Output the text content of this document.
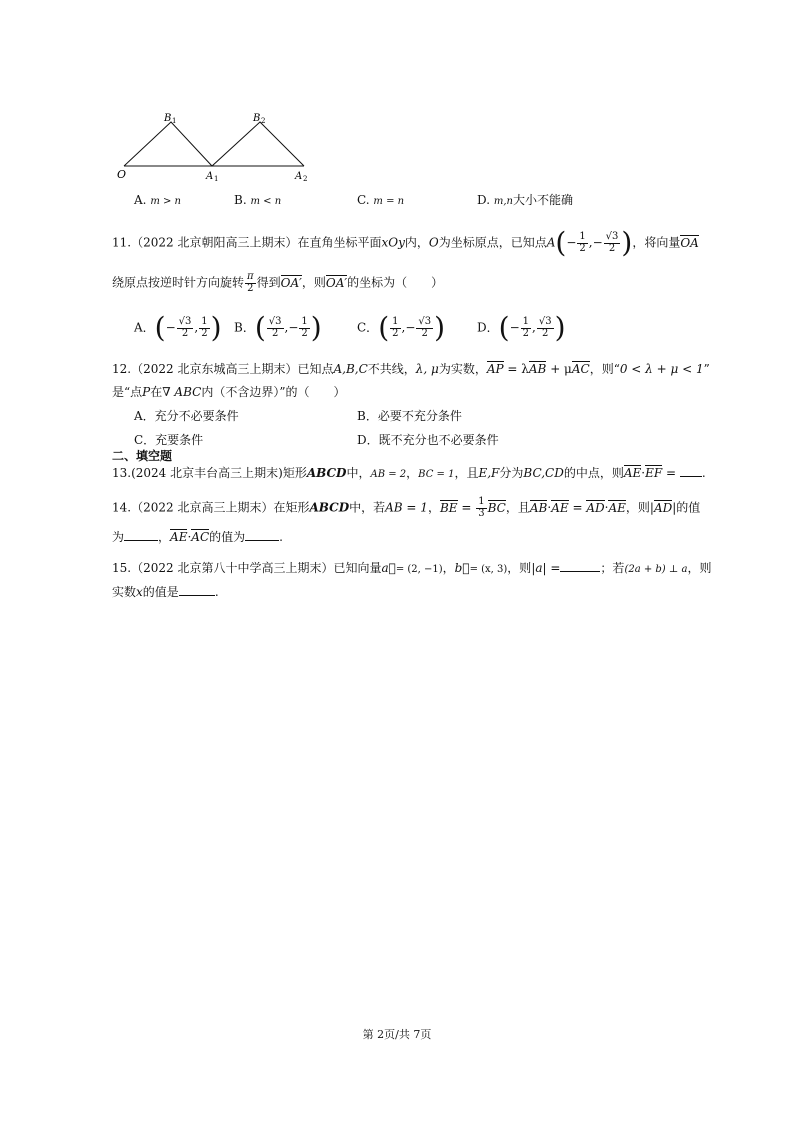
O	A 1	A 2
B 1	B 2
A. m > n	B. m < n	C. m = n	D. m,n大小不能确
11.（2022 北京朝阳高三上期末）在直角坐标平面xOy内，O为坐标原点，已知点$A(- \frac{1}{2}$ ,− $\frac{√3}{2}$ )，将向量OA
绕原点按逆时针方向旋转 $\frac{\pi}{2}$ 得到OA′，则OA′的坐标为（　　）
A．(− $\frac{√3}{2}$ , $\frac{1}{2}$ ) B．( $\frac{√3}{2}$ ,− $\frac{1}{2}$ )	C．( $\frac{1}{2}$ ,− $\frac{√3}{2}$ )	D．(− $\frac{1}{2}$ , $\frac{√3}{2}$ )
12.（2022 北京东城高三上期末）已知点A,B,C不共线，λ, μ为实数，AP = λAB + μAC，则“0 < λ + μ < 1”
是“点P在∇ ABC内（不含边界）”的（　　）
A．充分不必要条件	B．必要不充分条件
C．充要条件	D．既不充分也不必要条件
二、填空题
13.(2024 北京丰台高三上期末)矩形ABCD中，AB = 2，BC = 1，且E,F分为BC,CD的中点，则AE·EF = .
14.（2022 北京高三上期末）在矩形ABCD中，若AB = 1，BE = $\frac{1}{3}$ BC，且AB·AE = AD·AE，则|AD|的值
为	，AE·AC的值为	.
15.（2022 北京第八十中学高三上期末）已知向量a⃗= (2, −1)，b⃗= (x, 3)，则|a| =	；若(2a + b) ⊥ a，则
实数x的值是	.
第 2页/共 7页
